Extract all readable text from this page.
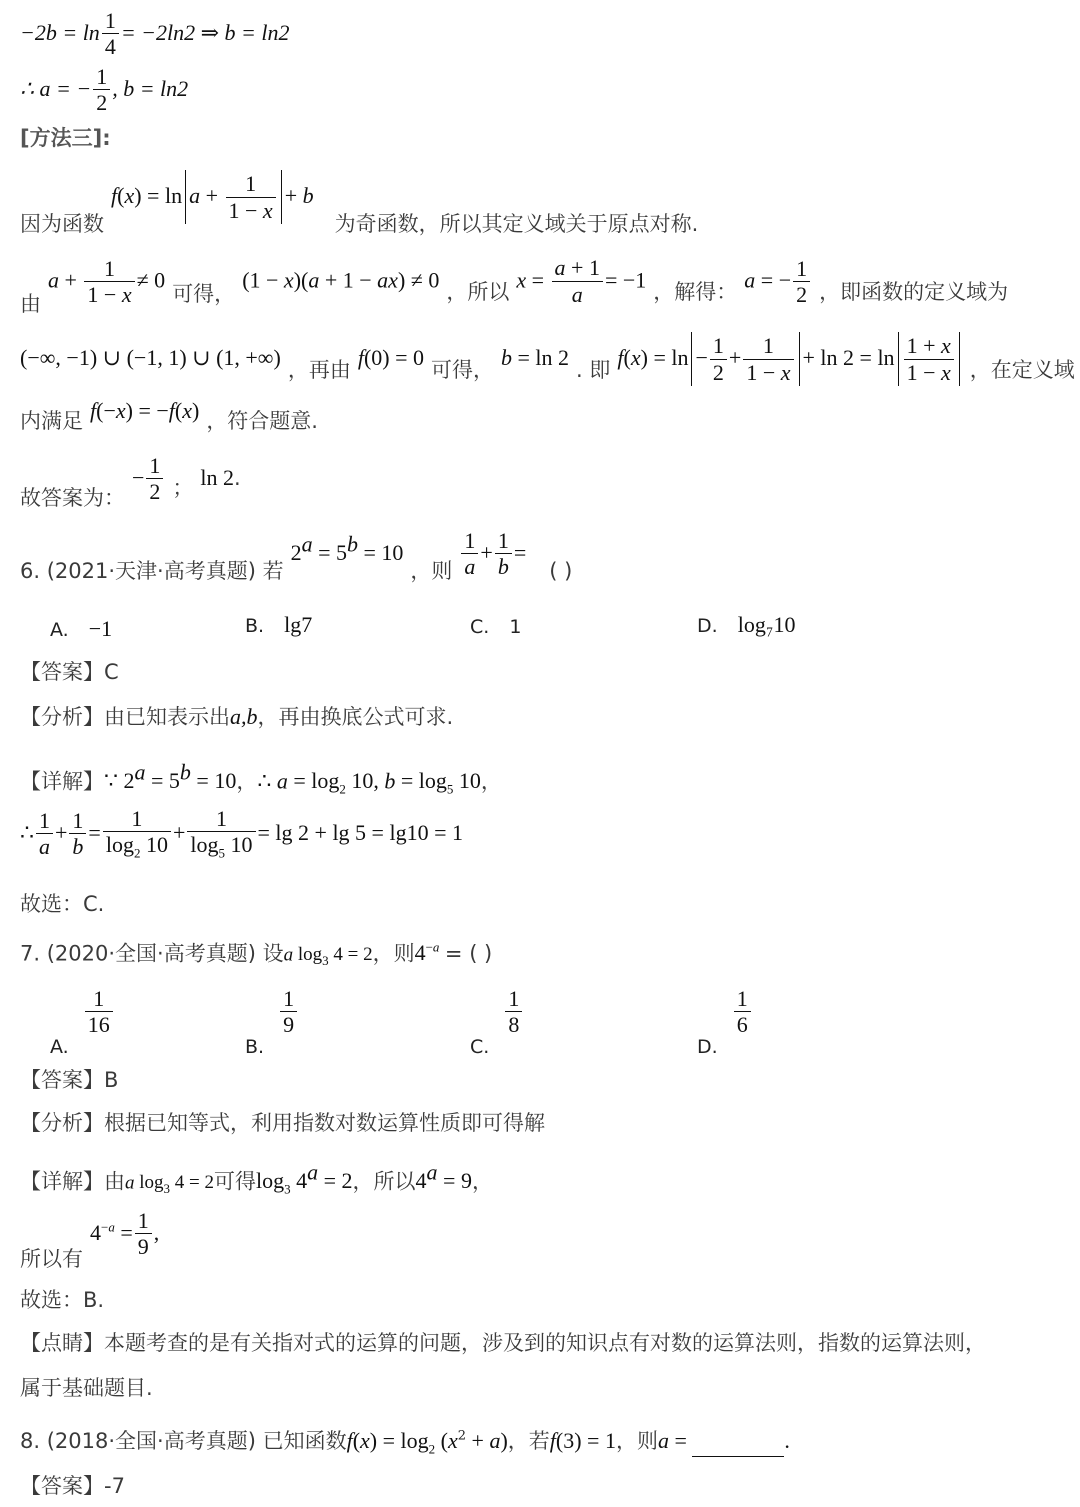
$-2b = \ln \frac{1}{4} = -2\ln 2$ ⇒ b = ln2
∴ a = − $\frac{1}{2}$ , b = ln2
[方法三]:
因为函数 $f(x) = \ln a + \frac{1}{1 - x} + b$ 为奇函数，所以其定义域关于原点对称.
由 $a + \frac{1}{1 - x} \ne 0$ 可得， (1 − x)(a + 1 − ax) ≠ 0 ，所以 $x = \frac{a + 1}{a} = -1$ ，解得： a = − $\frac{1}{2}$ ，即函数的定义域为
(−∞, −1) ∪ (−1, 1) ∪ (1, +∞) ，再由 f(0) = 0 可得， b = ln 2 . 即 $f(x) = \ln - \frac{1}{2} + \frac{1}{1 - x} + \ln 2 = \ln \frac{1 + x}{1 - x}$ ，在定义域
内满足 f(−x) = −f(x) ，符合题意.
故答案为： − $\frac{1}{2}$ ； ln 2.
6. (2021·天津·高考真题) 若 $2^a = 5^b = 10$ ，则 $\frac{1}{a} + \frac{1}{b}$ = ( )
A. −1	B. lg7	C. 1	D. log₇10
【答案】C
【分析】由已知表示出a,b，再由换底公式可求.
【详解】∵ $2^a = 5^b = 10$，∴ $a = \log_2 10$, $b = \log_5 10$，
∴ $\frac{1}{a} + \frac{1}{b} = \frac{1}{\log_2 10} + \frac{1}{\log_5 10} = \lg 2 + \lg 5 = \lg 10 = 1$
故选：C.
7. (2020·全国·高考真题) 设a $\log_3 4 = 2$，则$4^{-a}$ = ( )
A.
$\frac{1}{16}$
B.
$\frac{1}{9}$
C.
$\frac{1}{8}$
D.
$\frac{1}{6}$
【答案】B
【分析】根据已知等式，利用指数对数运算性质即可得解
【详解】由a $\log_3 4 = 2$可得$\log_3 4^a = 2$，所以$4^a = 9$，
所以有 $4^{-a} = \frac{1}{9}$ ,
故选：B.
【点睛】本题考查的是有关指对式的运算的问题，涉及到的知识点有对数的运算法则，指数的运算法则，
属于基础题目.
8. (2018·全国·高考真题) 已知函数$f(x) = \log_2 (x^2 + a)$，若f(3) = 1，则a =	.
【答案】-7
